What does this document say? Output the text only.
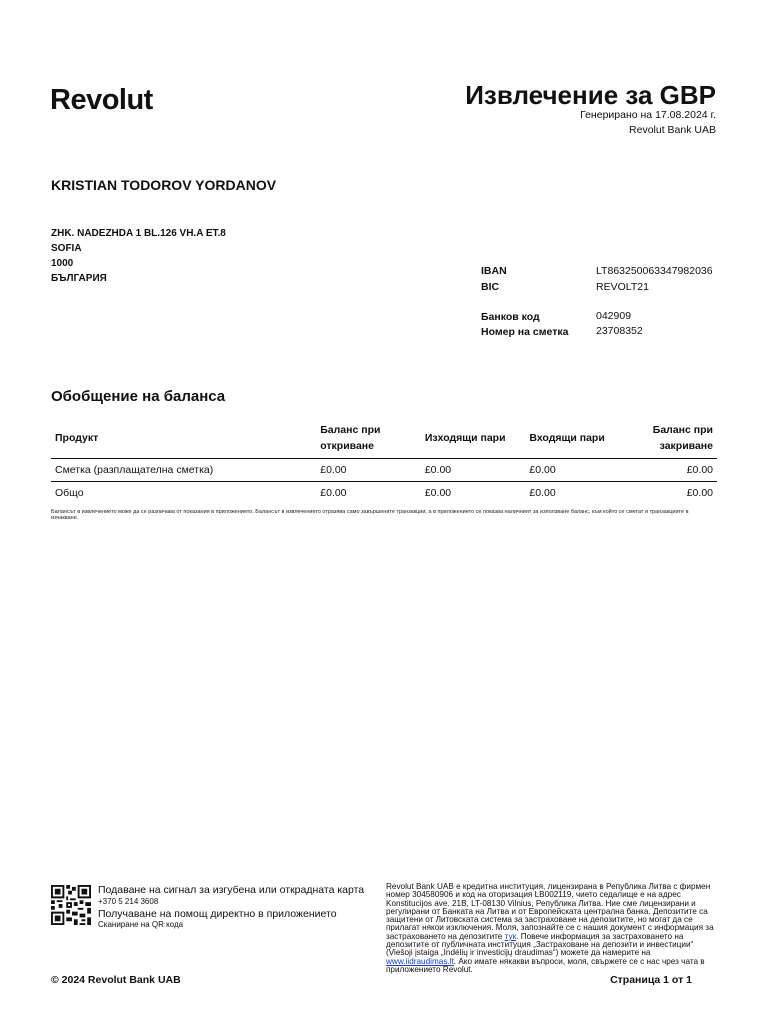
Revolut	Извлечение за GBP
Генерирано на 17.08.2024 г.
Revolut Bank UAB
KRISTIAN TODOROV YORDANOV
ZHK. NADEZHDA 1 BL.126 VH.A ET.8
SOFIA
1000
БЪЛГАРИЯ
IBAN	LT863250063347982036
BIC	REVOLT21
Банков код	042909
Номер на сметка	23708352
Обобщение на баланса
Продукт	Баланс при откриване	Изходящи пари	Входящи пари	Баланс при закриване
Сметка (разплащателна сметка)	£0.00	£0.00	£0.00	£0.00
Общо	£0.00	£0.00	£0.00	£0.00
Балансът в извлечението може да се различава от показания в приложението. Балансът в извлечението отразява само завършените транзакции, а в приложението се показва наличният за използване баланс, към който се сметат и транзакциите в изчакване.
Подаване на сигнал за изгубена или открадната карта
+370 5 214 3608
Получаване на помощ директно в приложението
Сканиране на QR кода
Revolut Bank UAB е кредитна институция, лицензирана в Република Литва с фирмен номер 304580906 и код на оторизация LB002119, чието седалище е на адрес Konstitucijos ave. 21B, LT-08130 Vilnius, Република Литва. Ние сме лицензирани и регулирани от Банката на Литва и от Европейската централна банка. Депозитите са защитени от Литовската система за застраховане на депозитите, но могат да се прилагат някои изключения. Моля, запознайте се с нашия документ с информация за застраховането на депозитите тук. Повече информация за застраховането на депозитите от публичната институция „Застраховане на депозити и инвестиции“ (Viešoji įstaiga „Indėlių ir investicijų draudimas“) можете да намерите на www.iidraudimas.lt. Ако имате някакви въпроси, моля, свържете се с нас чрез чата в приложението Revolut.
© 2024 Revolut Bank UAB	Страница 1 от 1
